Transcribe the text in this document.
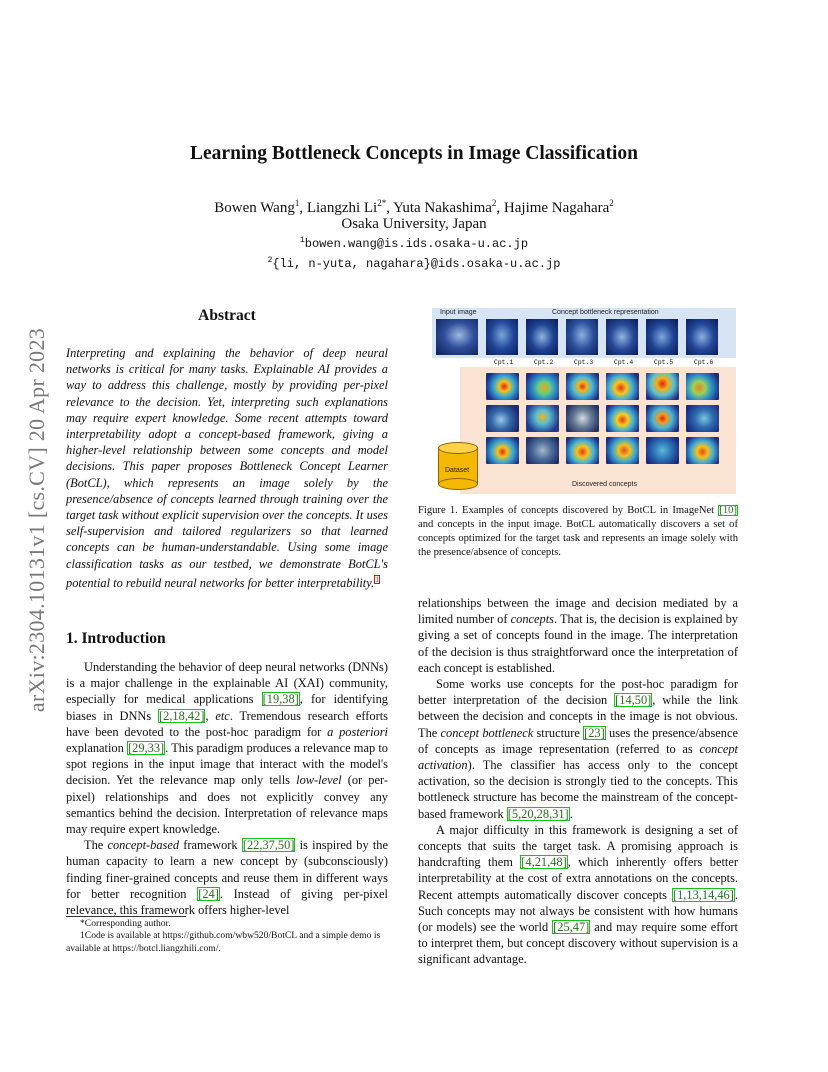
arXiv:2304.10131v1 [cs.CV] 20 Apr 2023
Learning Bottleneck Concepts in Image Classification
Bowen Wang$^1$, Liangzhi $Li^{2*}$, Yuta Nakashima$^2$, Hajime Nagahara$^2$
Osaka University, Japan
$^1$bowen.wang@is.ids.osaka-u.ac.jp
$^2${li, n-yuta, nagahara}@ids.osaka-u.ac.jp
Abstract
Interpreting and explaining the behavior of deep neural networks is critical for many tasks. Explainable AI provides a way to address this challenge, mostly by providing per-pixel relevance to the decision. Yet, interpreting such explanations may require expert knowledge. Some recent attempts toward interpretability adopt a concept-based framework, giving a higher-level relationship between some concepts and model decisions. This paper proposes Bottleneck Concept Learner (BotCL), which represents an image solely by the presence/absence of concepts learned through training over the target task without explicit supervision over the concepts. It uses self-supervision and tailored regularizers so that learned concepts can be human-understandable. Using some image classification tasks as our testbed, we demonstrate BotCL's potential to rebuild neural networks for better interpretability.$^1$
1. Introduction
Understanding the behavior of deep neural networks (DNNs) is a major challenge in the explainable AI (XAI) community, especially for medical applications [19,38], for identifying biases in DNNs [2,18,42], etc. Tremendous research efforts have been devoted to the post-hoc paradigm for a posteriori explanation [29,33]. This paradigm produces a relevance map to spot regions in the input image that interact with the model's decision. Yet the relevance map only tells low-level (or per-pixel) relationships and does not explicitly convey any semantics behind the decision. Interpretation of relevance maps may require expert knowledge.
The concept-based framework [22,37,50] is inspired by the human capacity to learn a new concept by (subconsciously) finding finer-grained concepts and reuse them in different ways for better recognition [24]. Instead of giving per-pixel relevance, this framework offers higher-level
*Corresponding author.
1Code is available at https://github.com/wbw520/BotCL and a simple demo is available at https://botcl.liangzhili.com/.
Input image	Concept bottleneck representation
Cpt.1	Cpt.2	Cpt.3	Cpt.4	Cpt.5	Cpt.6
Discovered concepts
Dataset
Figure 1. Examples of concepts discovered by BotCL in ImageNet [10] and concepts in the input image. BotCL automatically discovers a set of concepts optimized for the target task and represents an image solely with the presence/absence of concepts.
relationships between the image and decision mediated by a limited number of concepts. That is, the decision is explained by giving a set of concepts found in the image. The interpretation of the decision is thus straightforward once the interpretation of each concept is established.
Some works use concepts for the post-hoc paradigm for better interpretation of the decision [14,50], while the link between the decision and concepts in the image is not obvious. The concept bottleneck structure [23] uses the presence/absence of concepts as image representation (referred to as concept activation). The classifier has access only to the concept activation, so the decision is strongly tied to the concepts. This bottleneck structure has become the mainstream of the concept-based framework [5,20,28,31].
A major difficulty in this framework is designing a set of concepts that suits the target task. A promising approach is handcrafting them [4,21,48], which inherently offers better interpretability at the cost of extra annotations on the concepts. Recent attempts automatically discover concepts [1,13,14,46]. Such concepts may not always be consistent with how humans (or models) see the world [25,47] and may require some effort to interpret them, but concept discovery without supervision is a significant advantage.
